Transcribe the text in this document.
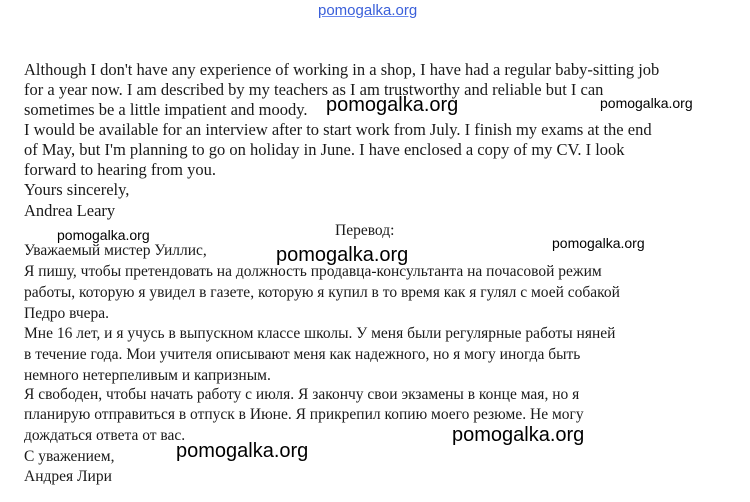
pomogalka.org
Although I don't have any experience of working in a shop, I have had a regular baby-sitting job
for a year now. I am described by my teachers as I am trustworthy and reliable but I can
sometimes be a little impatient and moody.
I would be available for an interview after to start work from July. I finish my exams at the end
of May, but I'm planning to go on holiday in June. I have enclosed a copy of my CV. I look
forward to hearing from you.
Yours sincerely,
Andrea Leary
pomogalka.org	pomogalka.org
Перевод:
pomogalka.org
pomogalka.org
pomogalka.org
Уважаемый мистер Уиллис,
Я пишу, чтобы претендовать на должность продавца-консультанта на почасовой режим
работы, которую я увидел в газете, которую я купил в то время как я гулял с моей собакой
Педро вчера.
Мне 16 лет, и я учусь в выпускном классе школы. У меня были регулярные работы няней
в течение года. Мои учителя описывают меня как надежного, но я могу иногда быть
немного нетерпеливым и капризным.
Я свободен, чтобы начать работу с июля. Я закончу свои экзамены в конце мая, но я
планирую отправиться в отпуск в Июне. Я прикрепил копию моего резюме. Не могу
дождаться ответа от вас.
С уважением,
Андрея Лири
pomogalka.org
pomogalka.org
